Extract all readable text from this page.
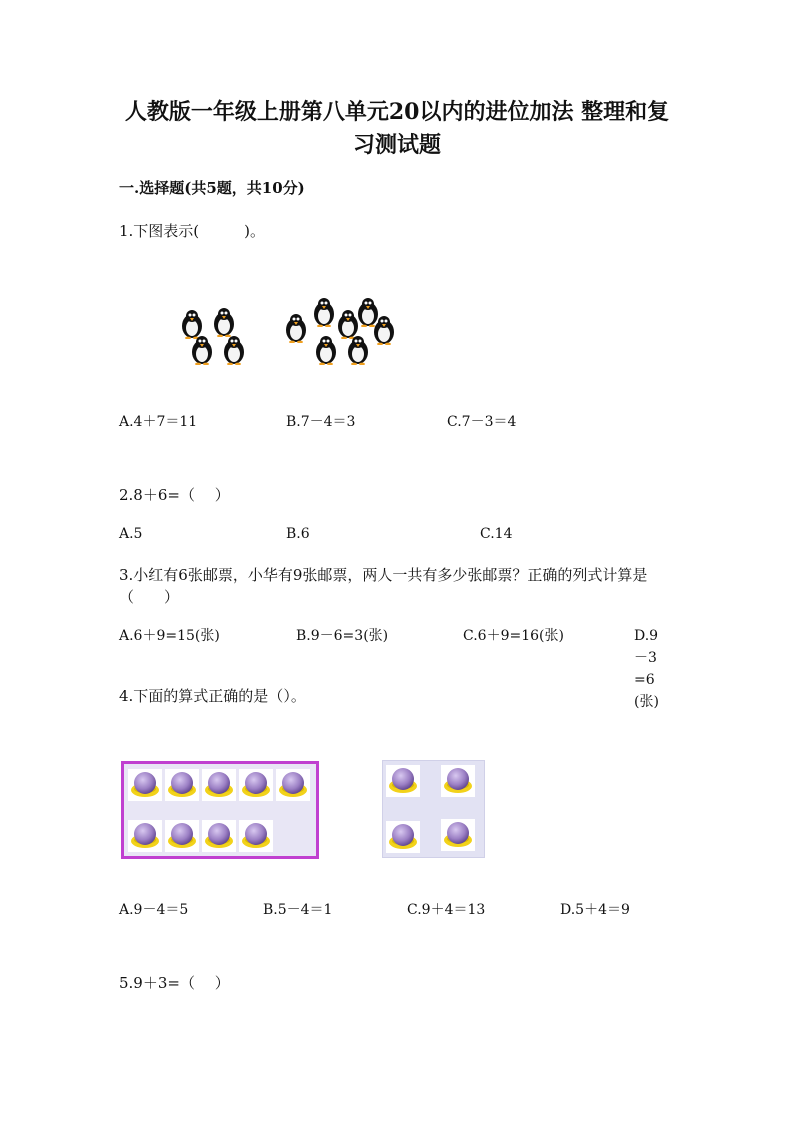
人教版一年级上册第八单元20以内的进位加法 整理和复习测试题
一.选择题(共5题，共10分)
1.下图表示(　　　)。
A.4＋7＝11	B.7－4＝3	C.7－3＝4
2.8＋6=（　 ）
A.5	B.6	C.14
3.小红有6张邮票，小华有9张邮票，两人一共有多少张邮票？正确的列式计算是（　　）
A.6＋9=15(张)	B.9－6=3(张)	C.6＋9=16(张)	D.9－3=6(张)
4.下面的算式正确的是（）。
A.9－4＝5	B.5－4＝1	C.9＋4＝13	D.5＋4＝9
5.9＋3=（　 ）
